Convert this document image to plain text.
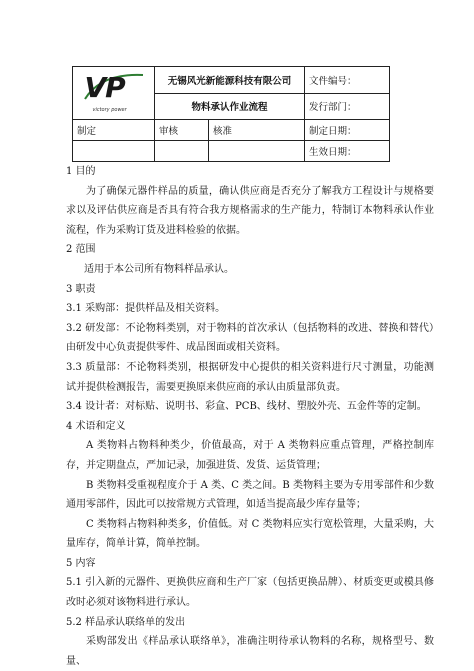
VP
victory power	无锡风光新能源科技有限公司		文件编号：
	物料承认作业流程		发行部门：
制定	审核	核准	制定日期：
			生效日期：

1 目的

为了确保元器件样品的质量，确认供应商是否充分了解我方工程设计与规格要求以及评估供应商是否具有符合我方规格需求的生产能力，特制订本物料承认作业流程，作为采购订货及进料检验的依据。

2 范围

适用于本公司所有物料样品承认。

3 职责

3.1 采购部：提供样品及相关资料。

3.2 研发部：不论物料类别，对于物料的首次承认（包括物料的改进、替换和替代）由研发中心负责提供零件、成品图面或相关资料。

3.3 质量部：不论物料类别，根据研发中心提供的相关资料进行尺寸测量，功能测试并提供检测报告，需要更换原来供应商的承认由质量部负责。

3.4 设计者：对标贴、说明书、彩盒、PCB、线材、塑胶外壳、五金件等的定制。

4 术语和定义

A 类物料占物料种类少，价值最高，对于 A 类物料应重点管理，严格控制库存，并定期盘点，严加记录，加强进货、发货、运货管理；

B 类物料受重视程度介于 A 类、C 类之间。B 类物料主要为专用零部件和少数通用零部件，因此可以按常规方式管理，如适当提高最少库存量等；

C 类物料占物料种类多，价值低。对 C 类物料应实行宽松管理，大量采购，大量库存，简单计算，简单控制。

5 内容

5.1 引入新的元器件、更换供应商和生产厂家（包括更换品牌）、材质变更或模具修改时必须对该物料进行承认。

5.2 样品承认联络单的发出

采购部发出《样品承认联络单》，准确注明待承认物料的名称，规格型号、数量、
